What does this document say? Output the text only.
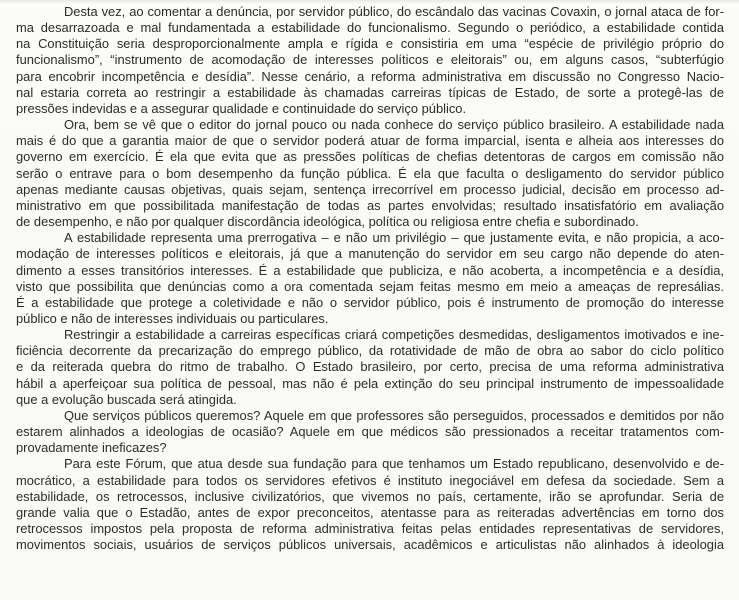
Desta vez, ao comentar a denúncia, por servidor público, do escândalo das vacinas Covaxin, o jornal ataca de for-
ma desarrazoada e mal fundamentada a estabilidade do funcionalismo. Segundo o periódico, a estabilidade contida
na Constituição seria desproporcionalmente ampla e rígida e consistiria em uma “espécie de privilégio próprio do
funcionalismo”, “instrumento de acomodação de interesses políticos e eleitorais” ou, em alguns casos, “subterfúgio
para encobrir incompetência e desídia”. Nesse cenário, a reforma administrativa em discussão no Congresso Nacio-
nal estaria correta ao restringir a estabilidade às chamadas carreiras típicas de Estado, de sorte a protegê-las de
pressões indevidas e a assegurar qualidade e continuidade do serviço público.
Ora, bem se vê que o editor do jornal pouco ou nada conhece do serviço público brasileiro. A estabilidade nada
mais é do que a garantia maior de que o servidor poderá atuar de forma imparcial, isenta e alheia aos interesses do
governo em exercício. É ela que evita que as pressões políticas de chefias detentoras de cargos em comissão não
serão o entrave para o bom desempenho da função pública. É ela que faculta o desligamento do servidor público
apenas mediante causas objetivas, quais sejam, sentença irrecorrível em processo judicial, decisão em processo ad-
ministrativo em que possibilitada manifestação de todas as partes envolvidas; resultado insatisfatório em avaliação
de desempenho, e não por qualquer discordância ideológica, política ou religiosa entre chefia e subordinado.
A estabilidade representa uma prerrogativa – e não um privilégio – que justamente evita, e não propicia, a aco-
modação de interesses políticos e eleitorais, já que a manutenção do servidor em seu cargo não depende do aten-
dimento a esses transitórios interesses. É a estabilidade que publiciza, e não acoberta, a incompetência e a desídia,
visto que possibilita que denúncias como a ora comentada sejam feitas mesmo em meio a ameaças de represálias.
É a estabilidade que protege a coletividade e não o servidor público, pois é instrumento de promoção do interesse
público e não de interesses individuais ou particulares.
Restringir a estabilidade a carreiras específicas criará competições desmedidas, desligamentos imotivados e ine-
ficiência decorrente da precarização do emprego público, da rotatividade de mão de obra ao sabor do ciclo político
e da reiterada quebra do ritmo de trabalho. O Estado brasileiro, por certo, precisa de uma reforma administrativa
hábil a aperfeiçoar sua política de pessoal, mas não é pela extinção do seu principal instrumento de impessoalidade
que a evolução buscada será atingida.
Que serviços públicos queremos? Aquele em que professores são perseguidos, processados e demitidos por não
estarem alinhados a ideologias de ocasião? Aquele em que médicos são pressionados a receitar tratamentos com-
provadamente ineficazes?
Para este Fórum, que atua desde sua fundação para que tenhamos um Estado republicano, desenvolvido e de-
mocrático, a estabilidade para todos os servidores efetivos é instituto inegociável em defesa da sociedade. Sem a
estabilidade, os retrocessos, inclusive civilizatórios, que vivemos no país, certamente, irão se aprofundar. Seria de
grande valia que o Estadão, antes de expor preconceitos, atentasse para as reiteradas advertências em torno dos
retrocessos impostos pela proposta de reforma administrativa feitas pelas entidades representativas de servidores,
movimentos sociais, usuários de serviços públicos universais, acadêmicos e articulistas não alinhados à ideologia
